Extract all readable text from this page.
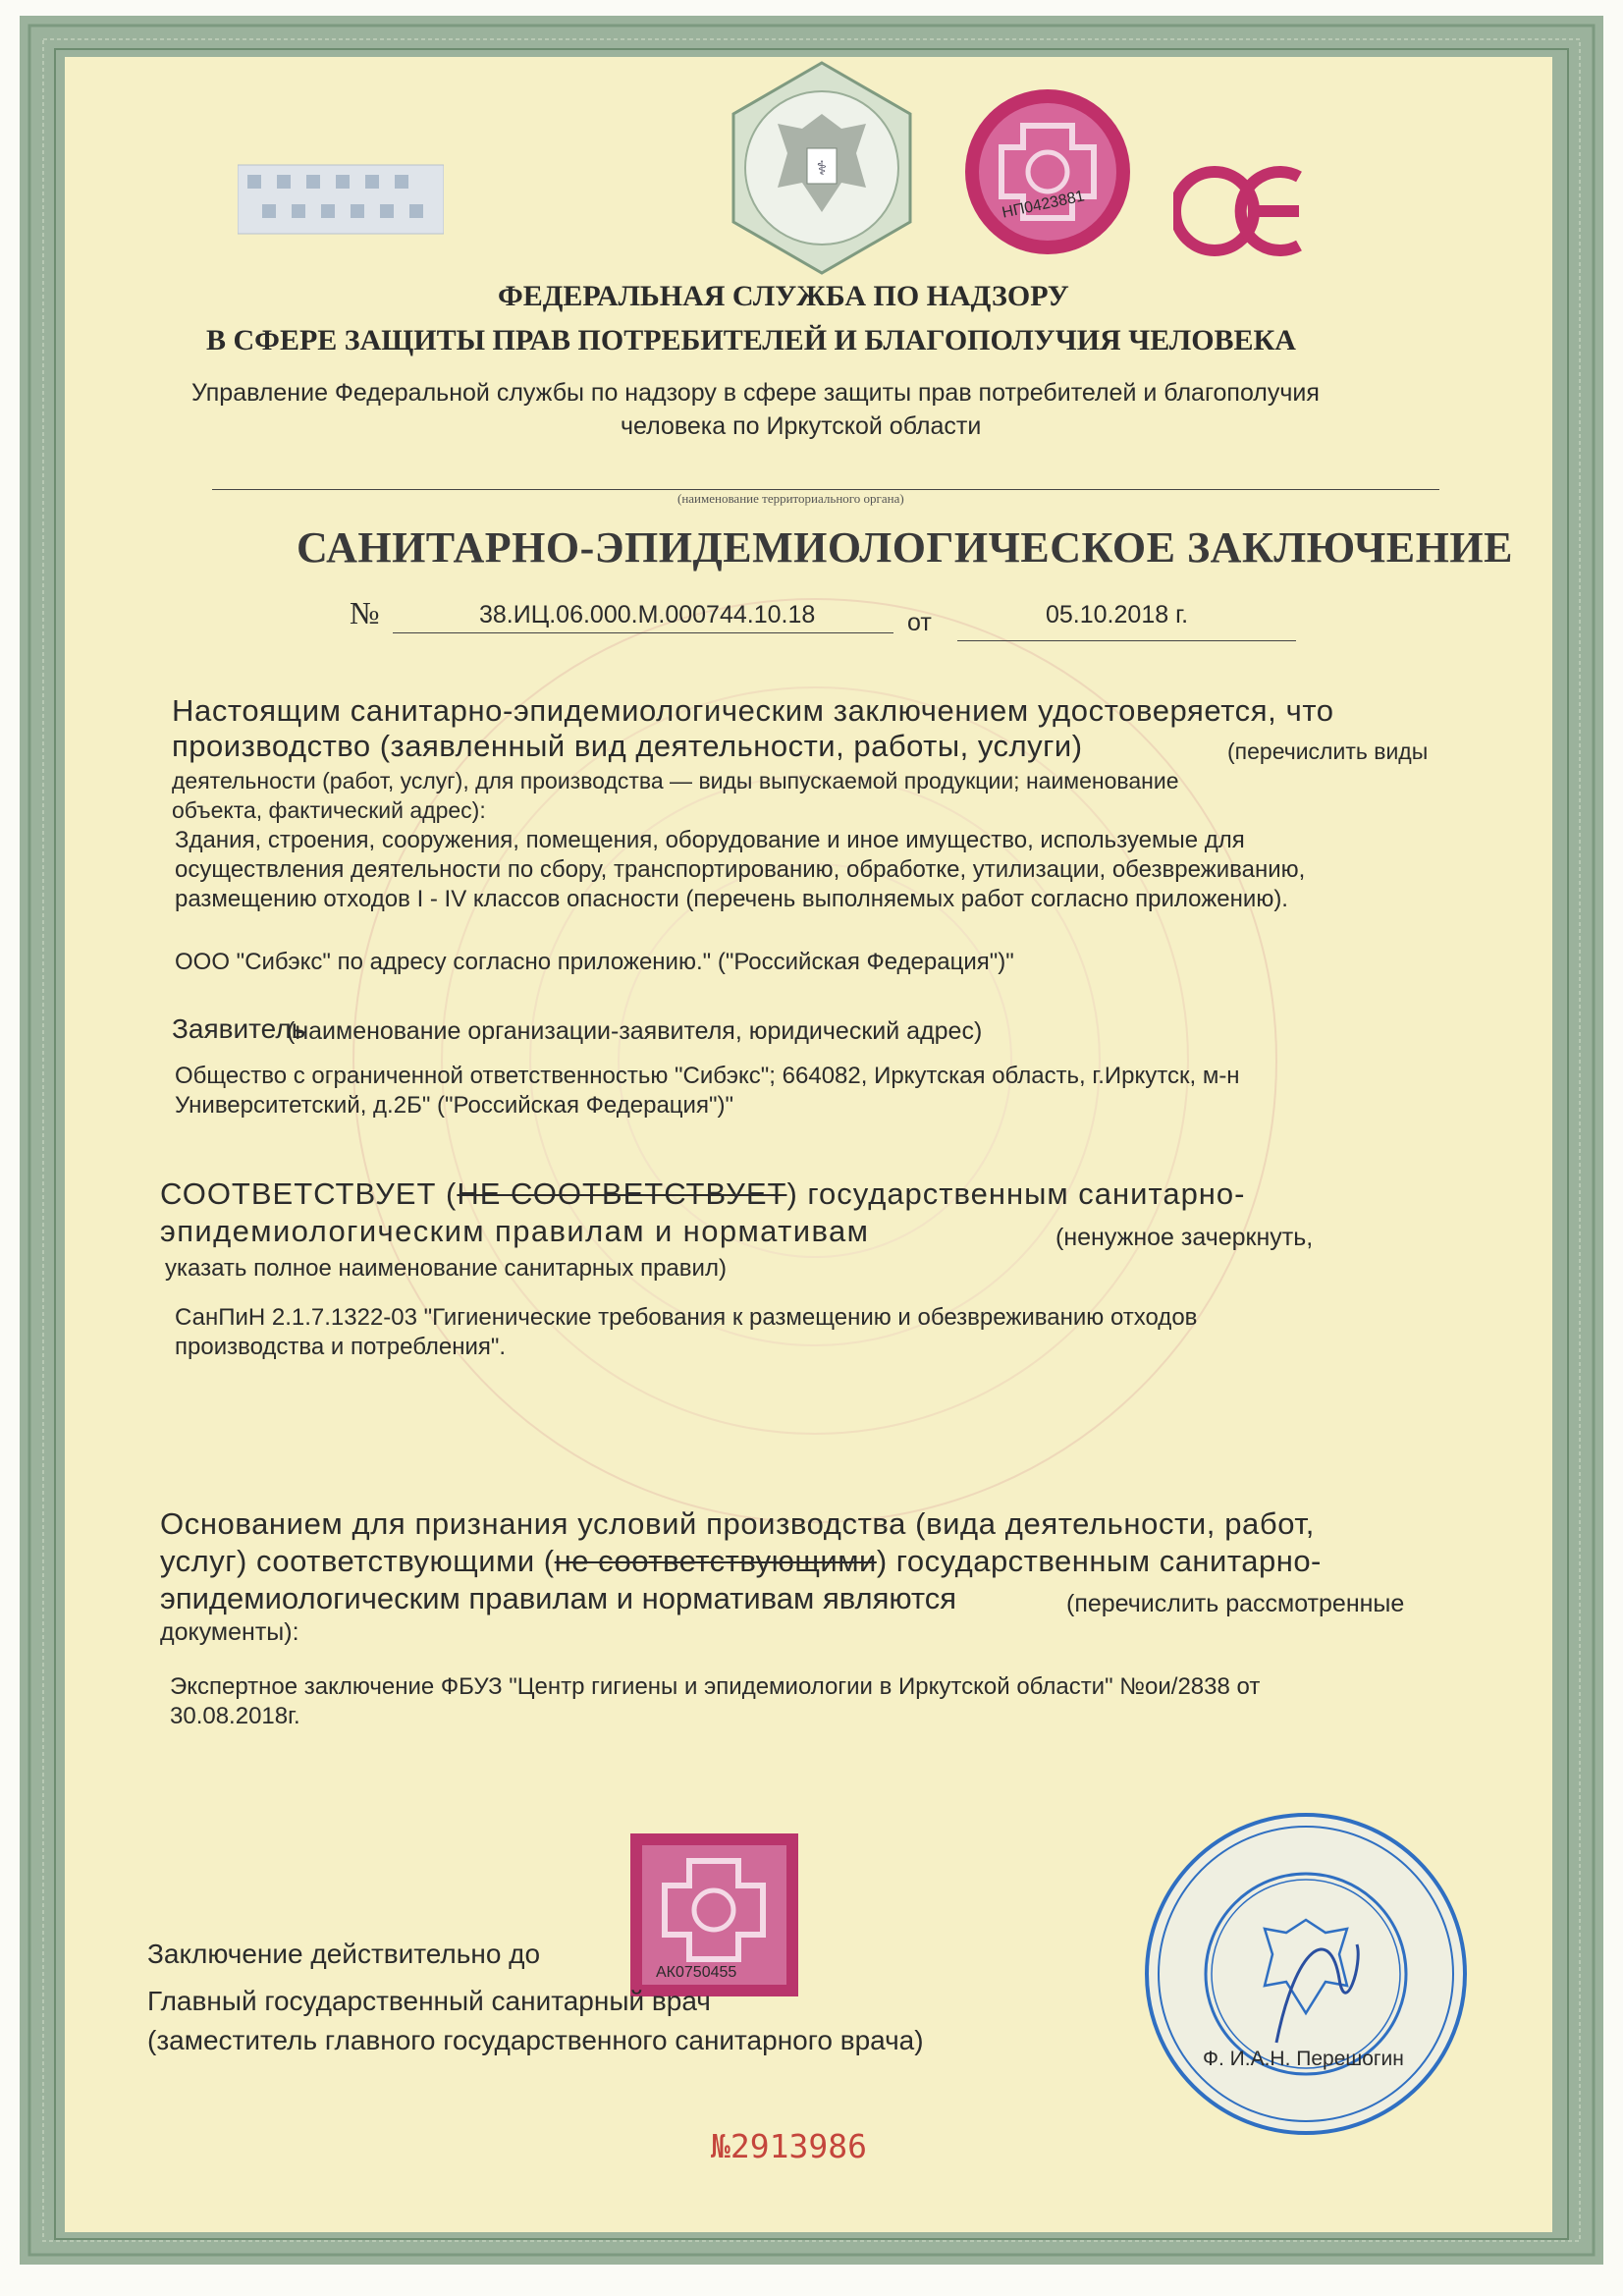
⚕
НП0423881
ФЕДЕРАЛЬНАЯ СЛУЖБА ПО НАДЗОРУ
В СФЕРЕ ЗАЩИТЫ ПРАВ ПОТРЕБИТЕЛЕЙ И БЛАГОПОЛУЧИЯ ЧЕЛОВЕКА
Управление Федеральной службы по надзору в сфере защиты прав потребителей и благополучия
человека по Иркутской области
(наименование территориального органа)
САНИТАРНО-ЭПИДЕМИОЛОГИЧЕСКОЕ ЗАКЛЮЧЕНИЕ
№	38.ИЦ.06.000.М.000744.10.18	от	05.10.2018 г.
Настоящим санитарно-эпидемиологическим заключением удостоверяется, что
производство (заявленный вид деятельности, работы, услуги)	(перечислить виды
деятельности (работ, услуг), для производства — виды выпускаемой продукции; наименование
объекта, фактический адрес):
Здания, строения, сооружения, помещения, оборудование и иное имущество, используемые для
осуществления деятельности по сбору, транспортированию, обработке, утилизации, обезвреживанию,
размещению отходов I - IV классов опасности (перечень выполняемых работ согласно приложению).
ООО "Сибэкс" по адресу согласно приложению." ("Российская Федерация")"
Заявитель
(наименование организации-заявителя, юридический адрес)
Общество с ограниченной ответственностью "Сибэкс"; 664082, Иркутская область, г.Иркутск, м-н
Университетский, д.2Б" ("Российская Федерация")"
СООТВЕТСТВУЕТ (НЕ СООТВЕТСТВУЕТ) государственным санитарно-
эпидемиологическим правилам и нормативам	(ненужное зачеркнуть,
указать полное наименование санитарных правил)
СанПиН 2.1.7.1322-03 "Гигиенические требования к размещению и обезвреживанию отходов
производства и потребления".
Основанием для признания условий производства (вида деятельности, работ,
услуг) соответствующими (не соответствующими) государственным санитарно-
эпидемиологическим правилам и нормативам являются	(перечислить рассмотренные
документы):
Экспертное заключение ФБУЗ "Центр гигиены и эпидемиологии в Иркутской области" №ои/2838 от
30.08.2018г.
АК0750455
Заключение действительно до
Главный государственный санитарный врач
(заместитель главного государственного санитарного врача)
Ф. И.А.Н. Перешогин
№2913986
